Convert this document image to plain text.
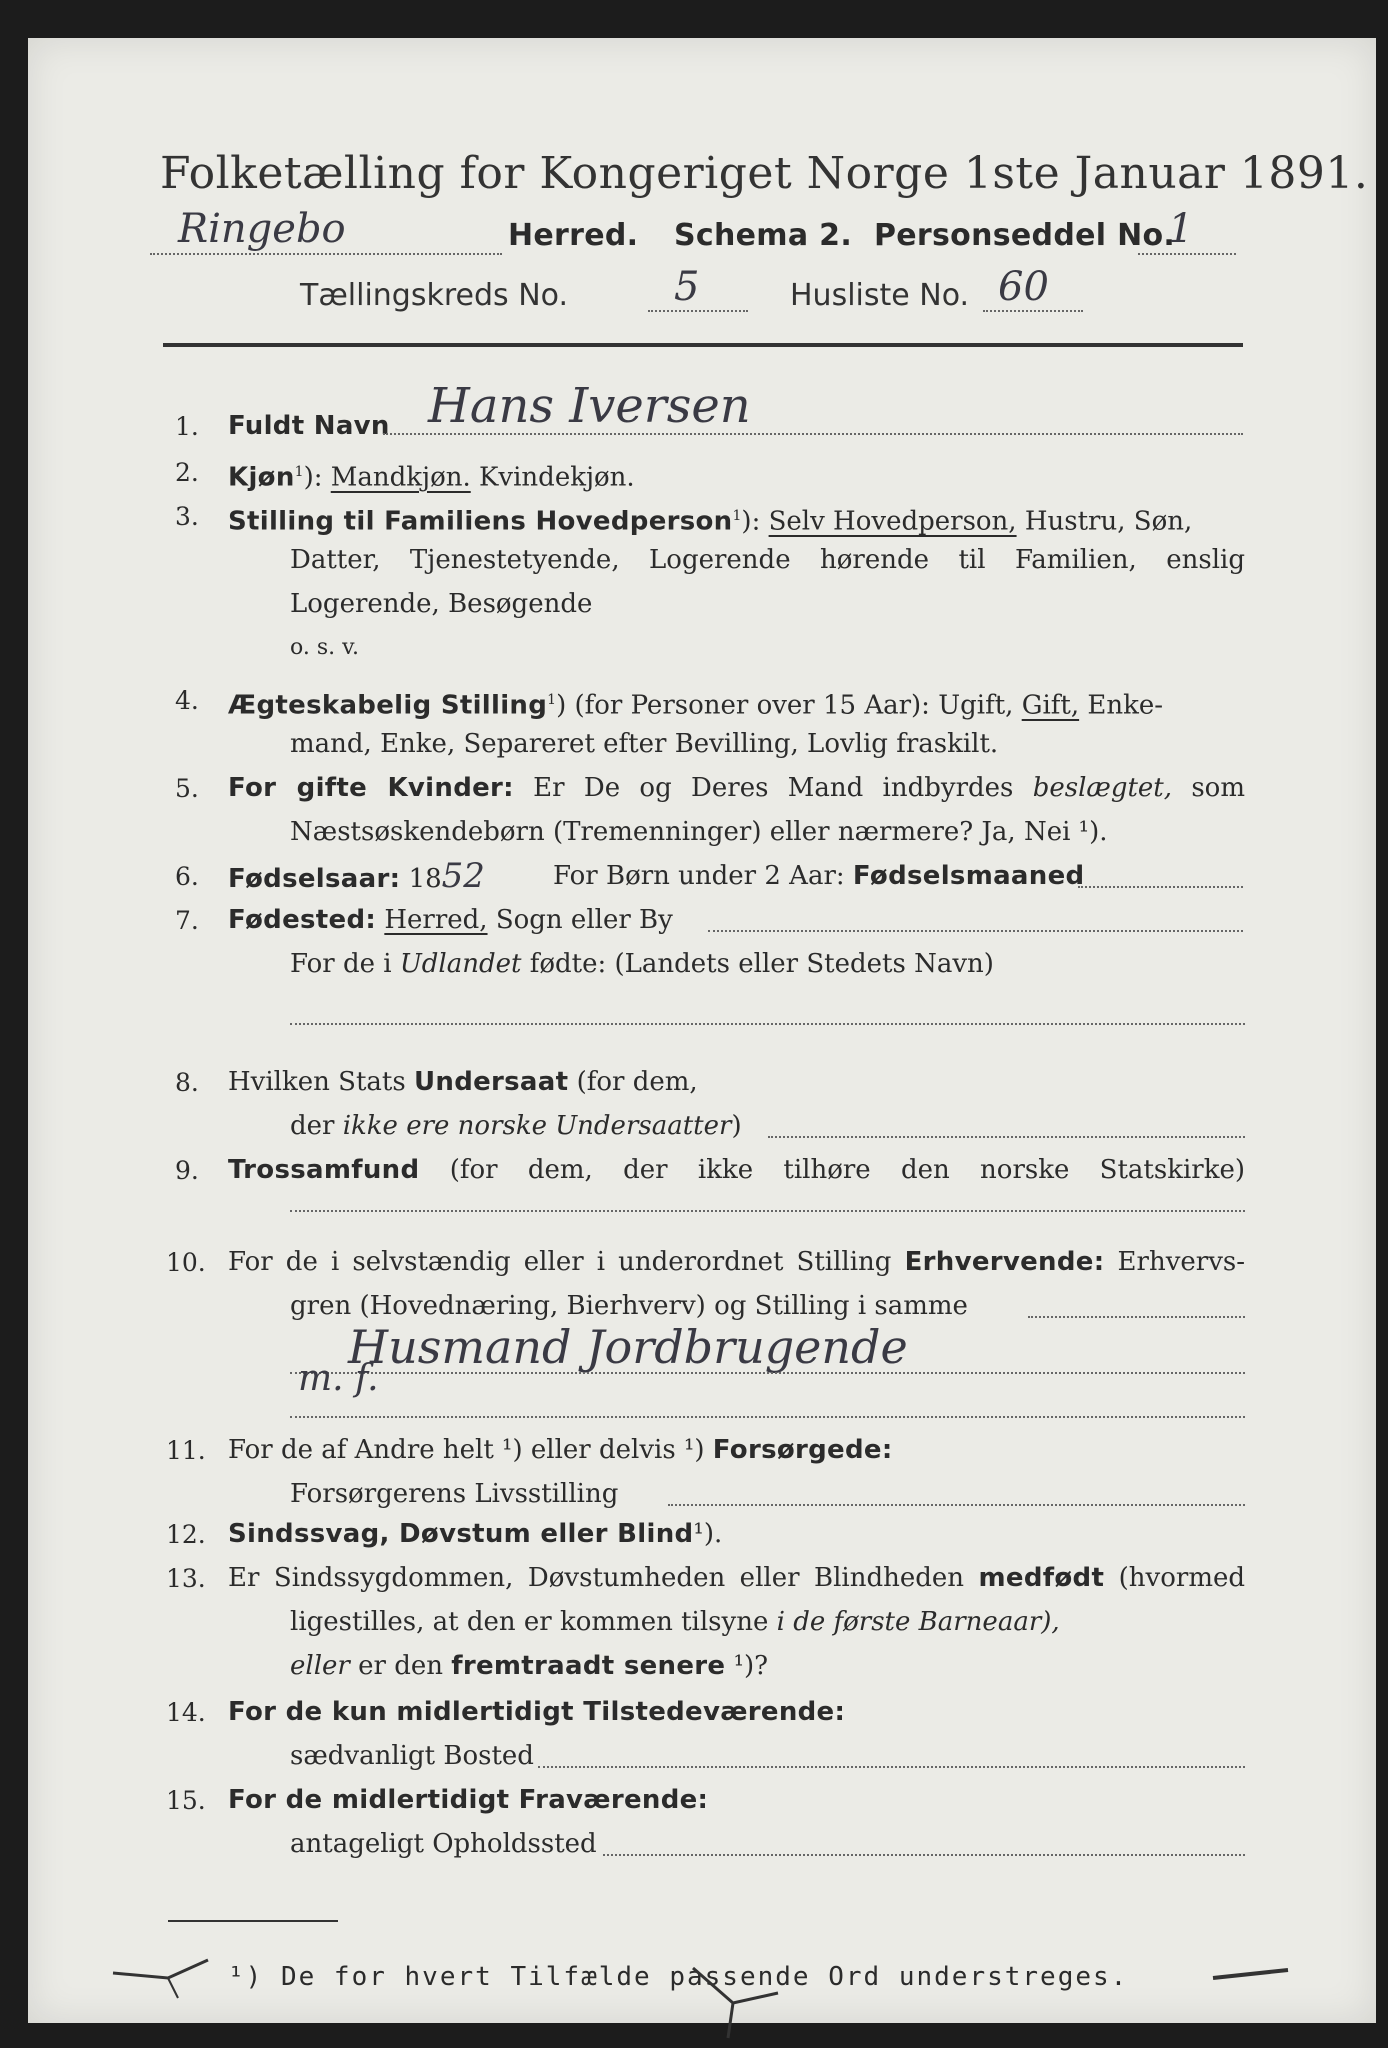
Folketælling for Kongeriget Norge 1ste Januar 1891.
Ringebo	Herred. Schema 2. Personseddel No.
1
Tællingskreds No.	5	Husliste No. 60
1. Fuldt Navn Hans Iversen
2. Kjøn$^1$): Mandkjøn. Kvindekjøn.
3. Stilling til Familiens Hovedperson$^1$): Selv Hovedperson, Hustru, Søn,
Datter, Tjenestetyende, Logerende hørende til Familien, enslig
Logerende, Besøgende
o. s. v.
4. Ægteskabelig Stilling$^1$) (for Personer over 15 Aar): Ugift, Gift, Enke-
mand, Enke, Separeret efter Bevilling, Lovlig fraskilt.
5. For gifte Kvinder: Er De og Deres Mand indbyrdes beslægtet, som
Næstsøskendebørn (Tremenninger) eller nærmere? Ja, Nei ¹).
6. Fødselsaar: 1852	For Børn under 2 Aar: Fødselsmaaned
7. Fødested: Herred, Sogn eller By
For de i Udlandet fødte: (Landets eller Stedets Navn)
8. Hvilken Stats Undersaat (for dem,
der ikke ere norske Undersaatter)
9. Trossamfund (for dem, der ikke tilhøre den norske Statskirke)
10. For de i selvstændig eller i underordnet Stilling Erhvervende: Erhvervs-
gren (Hovednæring, Bierhverv) og Stilling i samme
Husmand Jordbrugende
m. f.
11. For de af Andre helt ¹) eller delvis ¹) Forsørgede:
Forsørgerens Livsstilling
12. Sindssvag, Døvstum eller Blind¹).
13. Er Sindssygdommen, Døvstumheden eller Blindheden medfødt (hvormed
ligestilles, at den er kommen tilsyne i de første Barneaar),
eller er den fremtraadt senere ¹)?
14. For de kun midlertidigt Tilstedeværende:
sædvanligt Bosted
15. For de midlertidigt Fraværende:
antageligt Opholdssted
¹) De for hvert Tilfælde passende Ord understreges.
